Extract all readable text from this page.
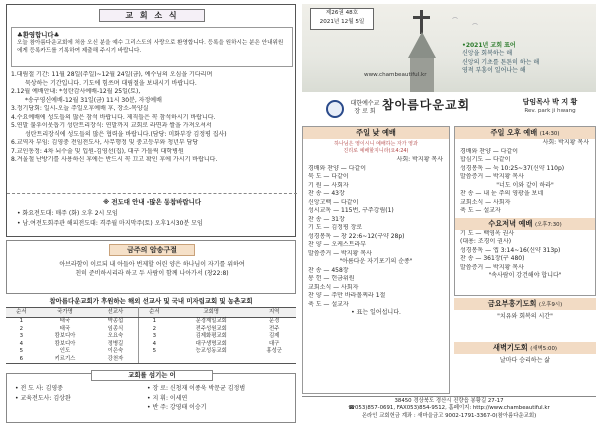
교 회 소 식
♣환영합니다♣
오늘 참아름다운교회에 처음 오신 분을 예수 그리스도의 사랑으로 환영합니다. 등록을 원하시는 분은 안내위원에게 등록카드를 기록하여 제출해 주시기 바랍니다.
1.대림절 기간: 11월 28일(주일)~12월 24일(금), 예수님의 오심을 기다리며
묵상하는 기간입니다. 기도에 힘쓰며 대림절을 보내시기 바랍니다.
2.12월 예배안내: *성탄감사예배-12월 25일(토),
*송구영신예배-12월 31일(금) 11시 30분, 자정예배
3.정기당회: 일시-오늘 주일오후예배 후, 장소-목양실
4.수요예배에 성도들의 많은 참석 바랍니다. 제직들은 꼭 참석하시기 바랍니다.
5.연말 불우이웃돕기 성탄트리장식: 연말까지 교회로 라면과 쌀을 가져오셔서
성탄트리장식에 성도들의 많은 협력을 바랍니다.(담당: 미화부장 김정평 집사)
6.교역자 부임: 김영중 전임전도사, 사무행정 및 중고등부와 청년부 담당
7.교인동정: 4차 뇌수술 및 입원-김영선(집), 대구 가톨릭 대학병원
8.겨울철 난방기를 사용하신 후에는 반드시 꼭 끄고 확인 후에 가시기 바랍니다.
※ 전도대 안내 -많은 동참바랍니다
• 화요전도대: 매주 (화) 오후 2시 모임
• 남.여전도회주관 해피전도대: 격주월 마지막주(토) 오후1시30분 모임
금주의 암송구절
아브라함이 이르되 내 아들아 번제할 어린 양은 하나님이 자기를 위하여
친히 준비하시리라 하고 두 사람이 함께 나아가서 (창22:8)
참아름다운교회가 후원하는 해외 선교사 및 국내 미자립교회 및 농촌교회
순서	국가명	선교사	순서	교회명	지역
1	태국	박종섭	1	문경제일교회	문경
2	태국	임종식	2	전주성원교회	전주
3	캄보디아	오요숙	3	김제화평교회	김제
4	캄보디아	정병길	4	대구생명교회	대구
5	인도	이은숙	5	능교성동교회	홍성군
6	키르기스	강천자			
교회를 섬기는 이
• 전 도 사: 김영중
• 교육전도사: 김상완
• 장 로: 신청재 이종욱 박문균 김정범
• 지 휘: 이세연
• 반 주: 강영태 이승기
제26권 48호
2021년 12월 5일	⌒
⌒
www.chambeautiful.kr
•2021년 교회 표어
신앙을 회복하는 해
신앙의 기초를 튼튼히 하는 해
영적 부흥이 일어나는 해
대한예수교
장 로 회 참아름다운교회	담임목사 박 지 황
Rev. park ji hwang
주일 낮 예배
하나님은 영이시니 예배하는 자가 영과
진리로 예배할지니라(요4:24)
사회: 박지황 목사
경배와 찬양 — 다같이
묵 도 — 다같이
기 원 — 사회자
찬 송 — 43장
신앙고백 — 다같이
성시교독 — 115번, 구주강림(1)
찬 송 — 31장
기 도 — 김정평 장로
성경봉독 — 창 22:6~12(구약 28p)
찬 양 — 오케스트라부
말씀증거 — 박지황 목사
"아름다운 자기포기의 순종"
찬 송 — 458장
봉 헌 — 헌금위원
교회소식 — 사회자
찬 양 — 주만 바라볼찌라 1절
축 도 — 설교자
• 표는 일어섭니다.
주일 오후 예배 (14:30)
사회: 박지황 목사
경배와 찬양 — 다같이
합심기도 — 다같이
성경봉독 — 눅 10:25~37(신약 110p)
말씀증거 — 박지황 목사
"너도 이와 같이 하라"
찬 송 — 내 눈 주의 영광을 보네
교회소식 — 사회자
축 도 — 설교자
수요저녁 예배 (오후7:30)
기 도 — 백영옥 권사
(대용: 조경이 권사)
성경봉독 — 엡 3:14~16(신약 313p)
찬 송 — 361장(구 480)
말씀증거 — 박지황 목사
"속사람이 강건해야 합니다"
금요부흥기도회 (오후9시)
"치유와 회복의 시간"
새벽기도회 (새벽5:00)
날마다 승리하는 삶
38450 경상북도 경산시 진량읍 봉황길 27-17
☎053)857-0691, FAX053)854-9512, 홈페이지: http://www.chambeautiful.kr
온라인 교회헌금 계좌 : 새마을금고 9002-1791-3367-0(참아름다운교회)
